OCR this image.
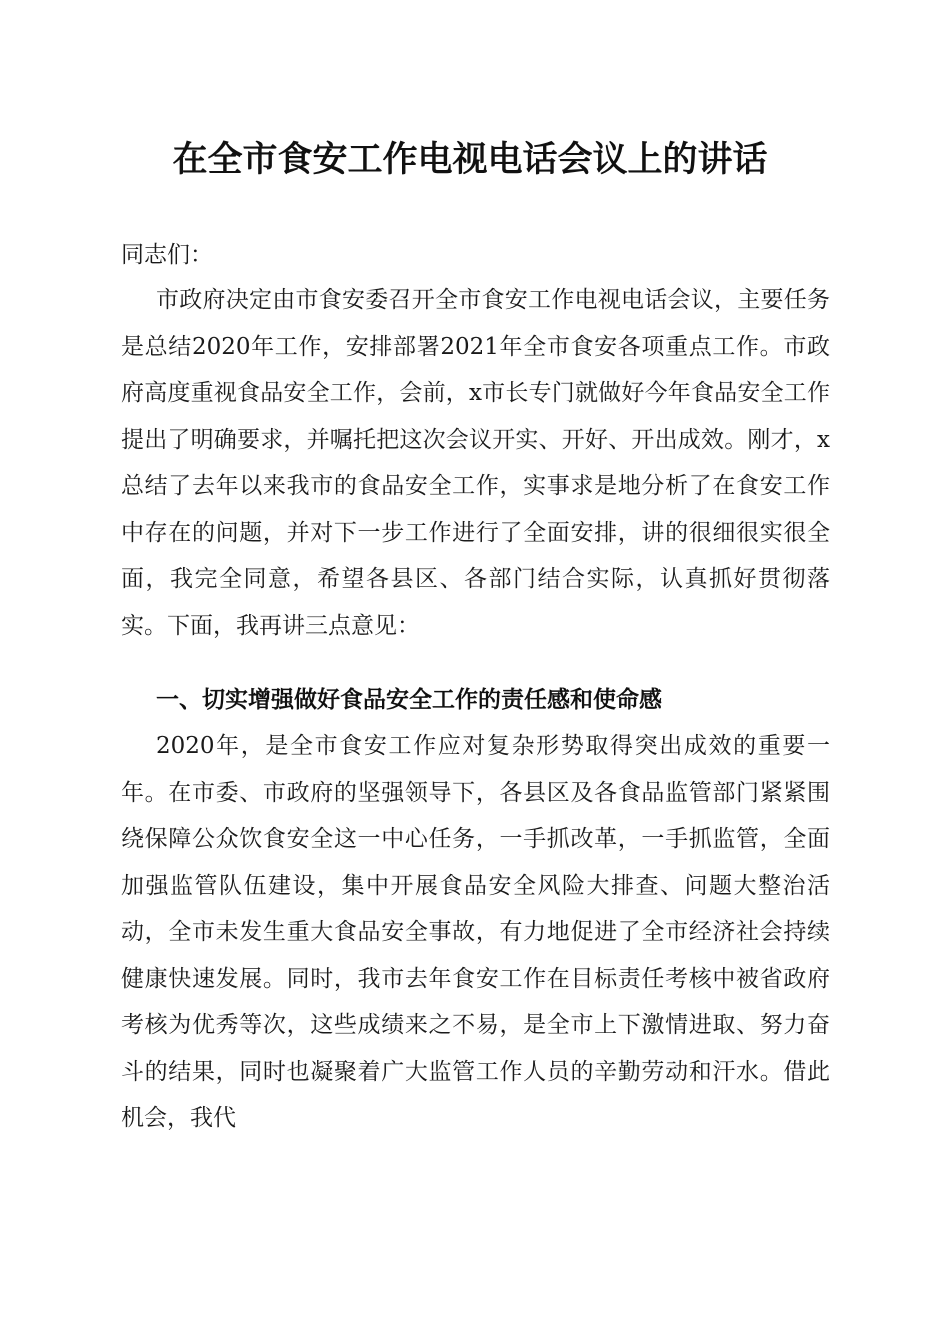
在全市食安工作电视电话会议上的讲话

同志们：

市政府决定由市食安委召开全市食安工作电视电话会议，主要任务是总结2020年工作，安排部署2021年全市食安各项重点工作。市政府高度重视食品安全工作，会前，x市长专门就做好今年食品安全工作提出了明确要求，并嘱托把这次会议开实、开好、开出成效。刚才，x总结了去年以来我市的食品安全工作，实事求是地分析了在食安工作中存在的问题，并对下一步工作进行了全面安排，讲的很细很实很全面，我完全同意，希望各县区、各部门结合实际，认真抓好贯彻落实。下面，我再讲三点意见：

一、切实增强做好食品安全工作的责任感和使命感

2020年，是全市食安工作应对复杂形势取得突出成效的重要一年。在市委、市政府的坚强领导下，各县区及各食品监管部门紧紧围绕保障公众饮食安全这一中心任务，一手抓改革，一手抓监管，全面加强监管队伍建设，集中开展食品安全风险大排查、问题大整治活动，全市未发生重大食品安全事故，有力地促进了全市经济社会持续健康快速发展。同时，我市去年食安工作在目标责任考核中被省政府考核为优秀等次，这些成绩来之不易，是全市上下激情进取、努力奋斗的结果，同时也凝聚着广大监管工作人员的辛勤劳动和汗水。借此机会，我代
